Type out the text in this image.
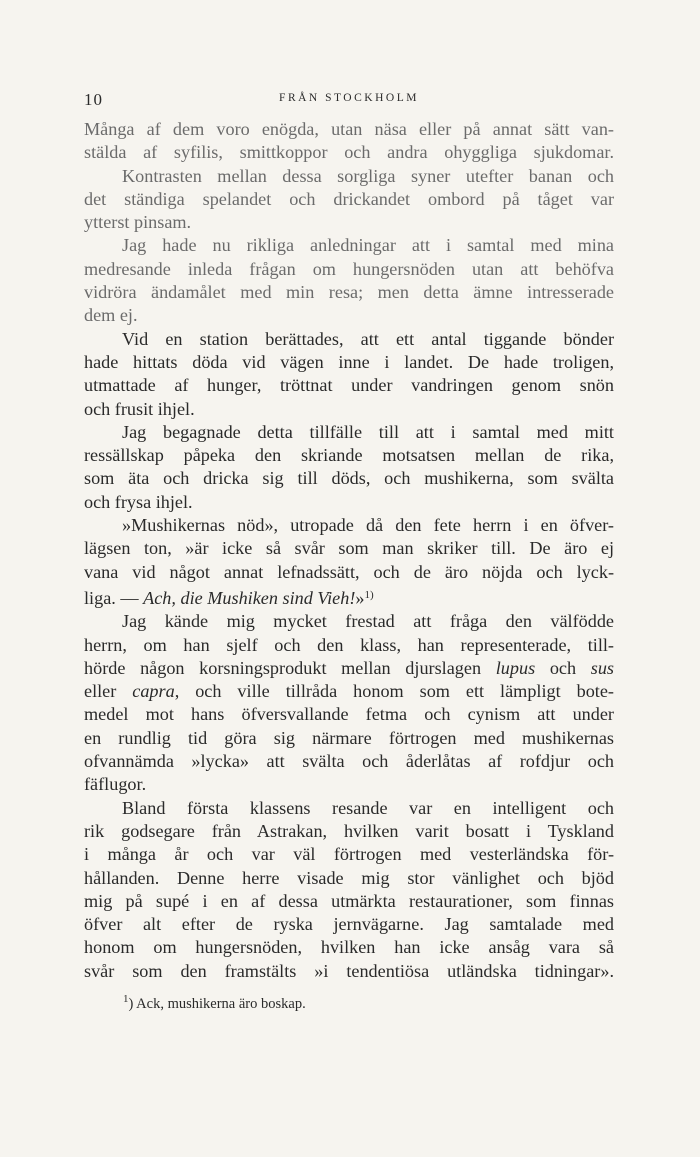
10	FRÅN STOCKHOLM
Många af dem voro enögda, utan näsa eller på annat sätt van-
stälda af syfilis, smittkoppor och andra ohyggliga sjukdomar.
Kontrasten mellan dessa sorgliga syner utefter banan och
det ständiga spelandet och drickandet ombord på tåget var
ytterst pinsam.
Jag hade nu rikliga anledningar att i samtal med mina
medresande inleda frågan om hungersnöden utan att behöfva
vidröra ändamålet med min resa; men detta ämne intresserade
dem ej.
Vid en station berättades, att ett antal tiggande bönder
hade hittats döda vid vägen inne i landet. De hade troligen,
utmattade af hunger, tröttnat under vandringen genom snön
och frusit ihjel.
Jag begagnade detta tillfälle till att i samtal med mitt
ressällskap påpeka den skriande motsatsen mellan de rika,
som äta och dricka sig till döds, och mushikerna, som svälta
och frysa ihjel.
»Mushikernas nöd», utropade då den fete herrn i en öfver-
lägsen ton, »är icke så svår som man skriker till. De äro ej
vana vid något annat lefnadssätt, och de äro nöjda och lyck-
liga. — Ach, die Mushiken sind Vieh!»$^{1)}$
Jag kände mig mycket frestad att fråga den välfödde
herrn, om han sjelf och den klass, han representerade, till-
hörde någon korsningsprodukt mellan djurslagen lupus och sus
eller capra, och ville tillråda honom som ett lämpligt bote-
medel mot hans öfversvallande fetma och cynism att under
en rundlig tid göra sig närmare förtrogen med mushikernas
ofvannämda »lycka» att svälta och åderlåtas af rofdjur och
fäflugor.
Bland första klassens resande var en intelligent och
rik godsegare från Astrakan, hvilken varit bosatt i Tyskland
i många år och var väl förtrogen med vesterländska för-
hållanden. Denne herre visade mig stor vänlighet och bjöd
mig på supé i en af dessa utmärkta restaurationer, som finnas
öfver alt efter de ryska jernvägarne. Jag samtalade med
honom om hungersnöden, hvilken han icke ansåg vara så
svår som den framstälts »i tendentiösa utländska tidningar».
$^1$) Ack, mushikerna äro boskap.
